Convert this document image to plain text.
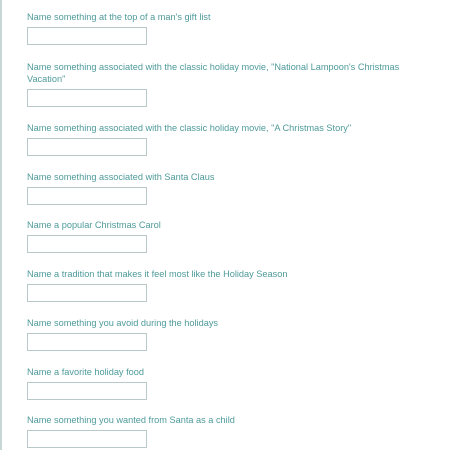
Name something at the top of a man's gift list
Name something associated with the classic holiday movie, "National Lampoon's Christmas Vacation"
Name something associated with the classic holiday movie, "A Christmas Story"
Name something associated with Santa Claus
Name a popular Christmas Carol
Name a tradition that makes it feel most like the Holiday Season
Name something you avoid during the holidays
Name a favorite holiday food
Name something you wanted from Santa as a child
